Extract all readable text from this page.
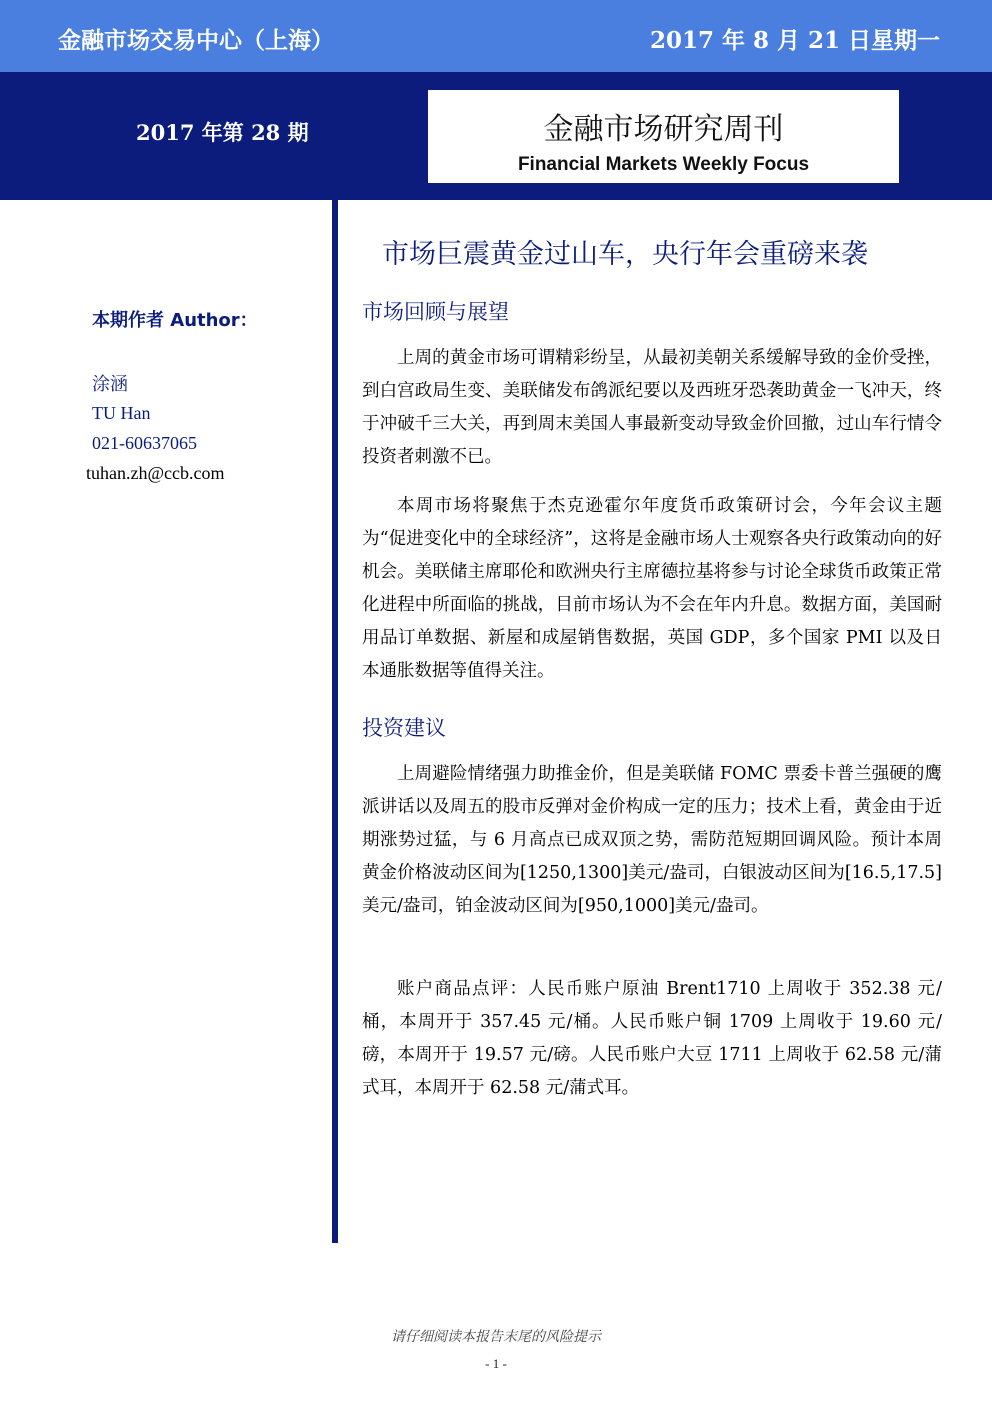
金融市场交易中心（上海）	2017 年 8 月 21 日星期一
2017 年第 28 期	金融市场研究周刊
Financial Markets Weekly Focus
本期作者 Author：
涂涵
TU Han
021-60637065
tuhan.zh@ccb.com
市场巨震黄金过山车，央行年会重磅来袭
市场回顾与展望
上周的黄金市场可谓精彩纷呈，从最初美朝关系缓解导致的金价受挫，到白宫政局生变、美联储发布鸽派纪要以及西班牙恐袭助黄金一飞冲天，终于冲破千三大关，再到周末美国人事最新变动导致金价回撤，过山车行情令投资者刺激不已。
本周市场将聚焦于杰克逊霍尔年度货币政策研讨会，今年会议主题为“促进变化中的全球经济”，这将是金融市场人士观察各央行政策动向的好机会。美联储主席耶伦和欧洲央行主席德拉基将参与讨论全球货币政策正常化进程中所面临的挑战，目前市场认为不会在年内升息。数据方面，美国耐用品订单数据、新屋和成屋销售数据，英国 GDP，多个国家 PMI 以及日本通胀数据等值得关注。
投资建议
上周避险情绪强力助推金价，但是美联储 FOMC 票委卡普兰强硬的鹰派讲话以及周五的股市反弹对金价构成一定的压力；技术上看，黄金由于近期涨势过猛，与 6 月高点已成双顶之势，需防范短期回调风险。预计本周黄金价格波动区间为[1250,1300]美元/盎司，白银波动区间为[16.5,17.5]美元/盎司，铂金波动区间为[950,1000]美元/盎司。
账户商品点评：人民币账户原油 Brent1710 上周收于 352.38 元/桶，本周开于 357.45 元/桶。人民币账户铜 1709 上周收于 19.60 元/磅，本周开于 19.57 元/磅。人民币账户大豆 1711 上周收于 62.58 元/蒲式耳，本周开于 62.58 元/蒲式耳。
请仔细阅读本报告末尾的风险提示
- 1 -
